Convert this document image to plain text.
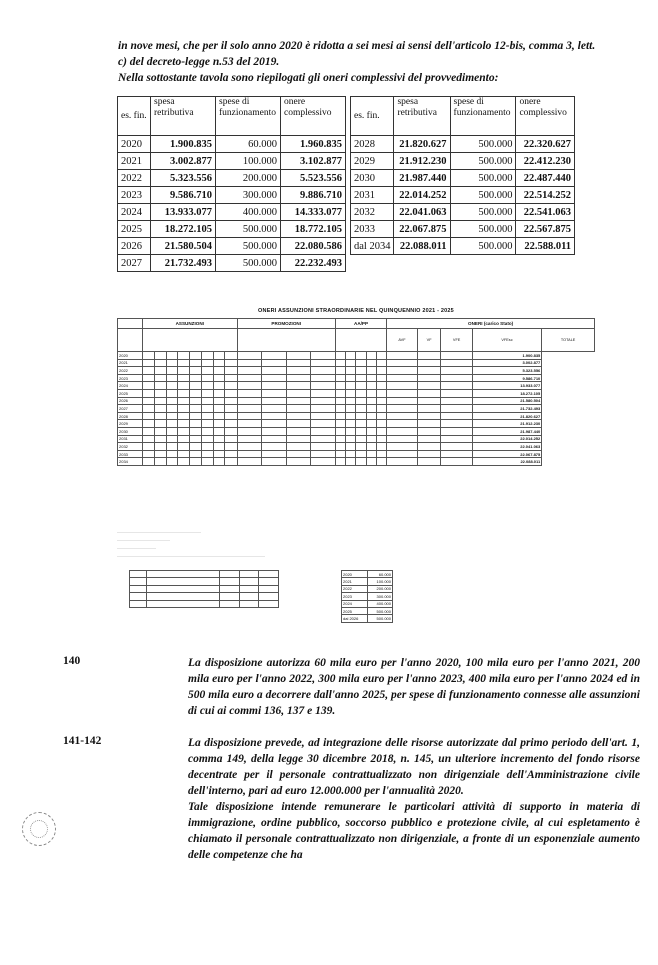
in nove mesi, che per il solo anno 2020 è ridotta a sei mesi ai sensi dell'articolo 12-bis, comma 3, lett.
c) del decreto-legge n.53 del 2019.
Nella sottostante tavola sono riepilogati gli oneri complessivi del provvedimento:
es. fin.	spesa retributiva	spese di funzionamento	onere complessivo
2020	1.900.835	60.000	1.960.835
2021	3.002.877	100.000	3.102.877
2022	5.323.556	200.000	5.523.556
2023	9.586.710	300.000	9.886.710
2024	13.933.077	400.000	14.333.077
2025	18.272.105	500.000	18.772.105
2026	21.580.504	500.000	22.080.586
2027	21.732.493	500.000	22.232.493
es. fin.	spesa retributiva	spese di funzionamento	onere complessivo
2028	21.820.627	500.000	22.320.627
2029	21.912.230	500.000	22.412.230
2030	21.987.440	500.000	22.487.440
2031	22.014.252	500.000	22.514.252
2032	22.041.063	500.000	22.541.063
2033	22.067.875	500.000	22.567.875
dal 2034	22.088.011	500.000	22.588.011
ONERI ASSUNZIONI STRAORDINARIE NEL QUINQUENNIO 2021 - 2025
	ASSUNZIONI								PROMOZIONI				AA/PP					ONERI (carico Stato)				
																		AVF	VF	VFE	VFEsc	TOTALE
2020																					1.900.835	
2021																					3.002.877	
2022																					5.323.556	
2023																					9.586.710	
2024																					13.933.077	
2025																					18.272.105	
2026																					21.580.504	
2027																					21.732.493	
2028																					21.820.627	
2029																					21.912.230	
2030																					21.987.440	
2031																					22.014.252	
2032																					22.041.063	
2033																					22.067.875	
2034																					22.088.011	
....................................................................................
.....................................................
.......................................
....................................................................................................................................................

2020	60.000
2021	100.000
2022	200.000
2023	300.000
2024	400.000
2025	500.000
dal 2026	500.000
140	La disposizione autorizza 60 mila euro per l'anno 2020, 100 mila euro per l'anno 2021, 200 mila euro per l'anno 2022, 300 mila euro per l'anno 2023, 400 mila euro per l'anno 2024 ed in 500 mila euro a decorrere dall'anno 2025, per spese di funzionamento connesse alle assunzioni di cui ai commi 136, 137 e 139.
141-142	La disposizione prevede, ad integrazione delle risorse autorizzate dal primo periodo dell'art. 1, comma 149, della legge 30 dicembre 2018, n. 145, un ulteriore incremento del fondo risorse decentrate per il personale contrattualizzato non dirigenziale dell'Amministrazione civile dell'interno, pari ad euro 12.000.000 per l'annualità 2020.
Tale disposizione intende remunerare le particolari attività di supporto in materia di immigrazione, ordine pubblico, soccorso pubblico e protezione civile, al cui espletamento è chiamato il personale contrattualizzato non dirigenziale, a fronte di un esponenziale aumento delle competenze che ha
